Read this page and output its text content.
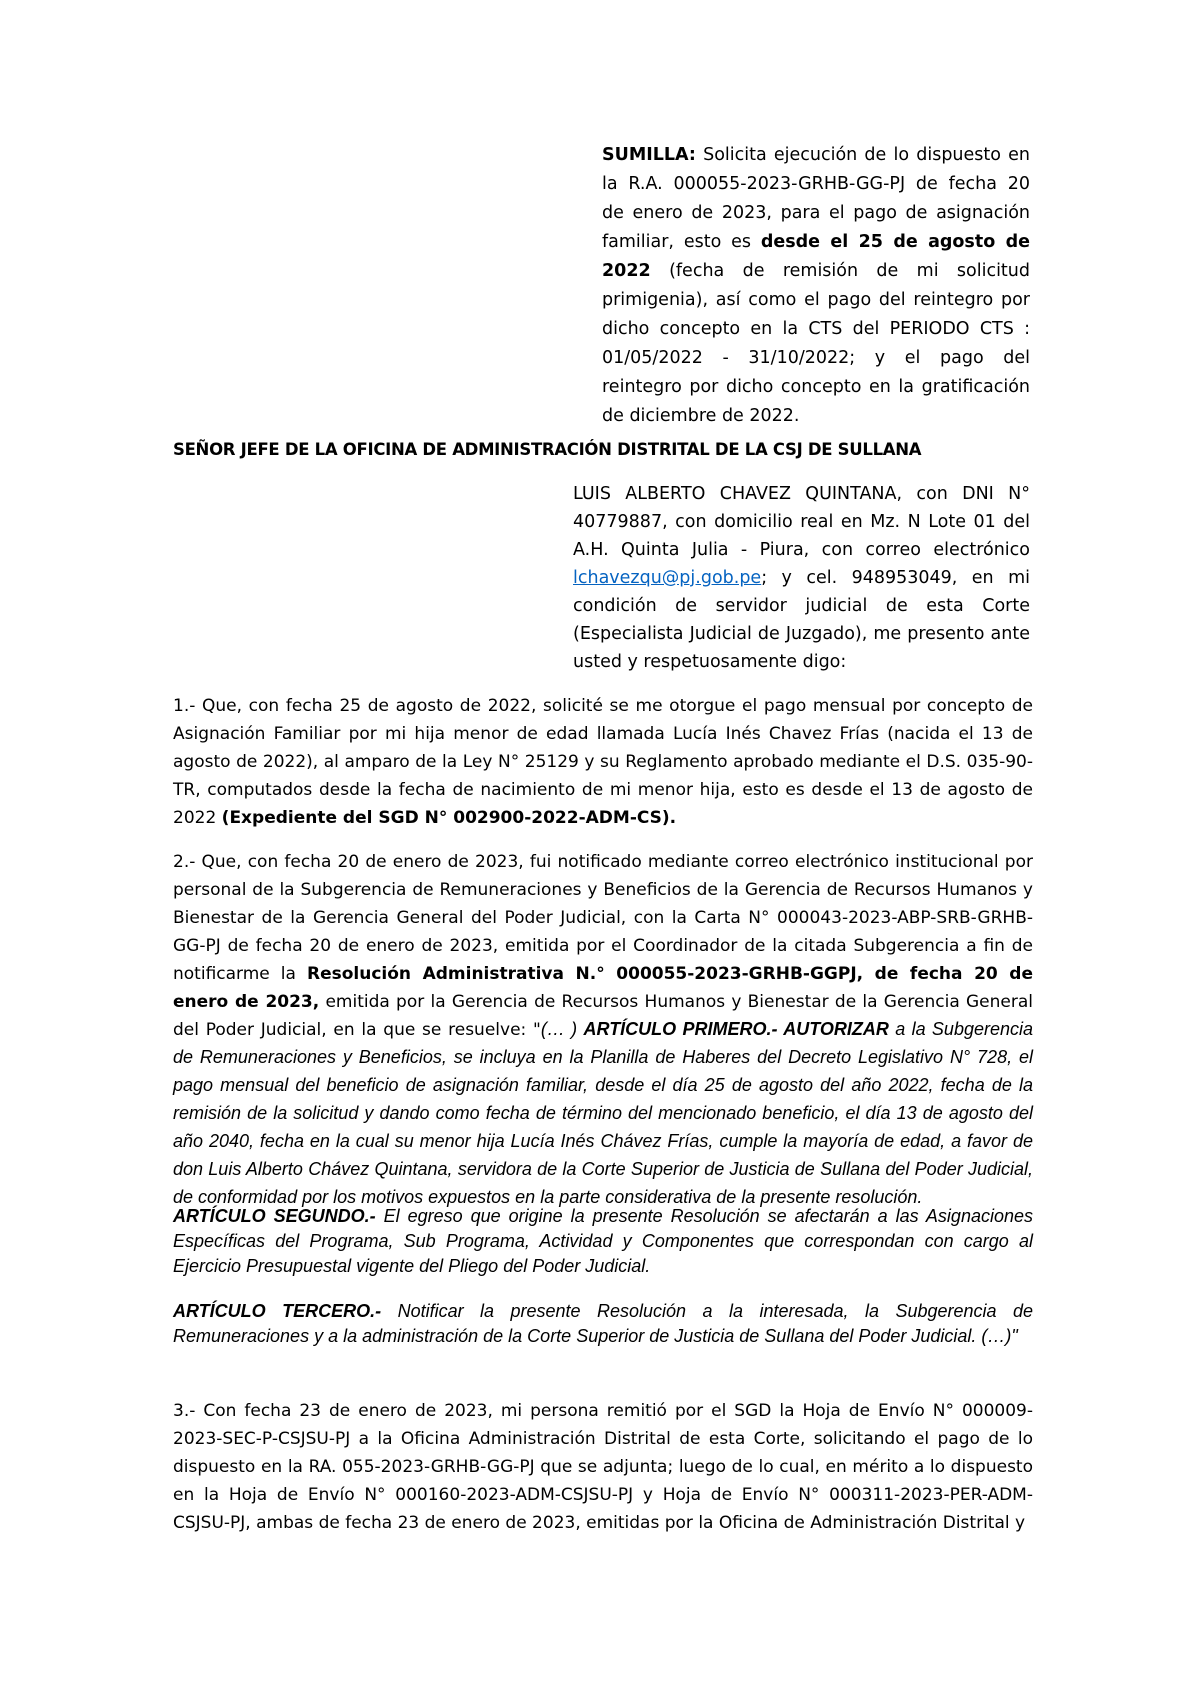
SUMILLA: Solicita ejecución de lo dispuesto en la R.A. 000055-2023-GRHB-GG-PJ de fecha 20 de enero de 2023, para el pago de asignación familiar, esto es desde el 25 de agosto de 2022 (fecha de remisión de mi solicitud primigenia), así como el pago del reintegro por dicho concepto en la CTS del PERIODO CTS : 01/05/2022 - 31/10/2022; y el pago del reintegro por dicho concepto en la gratificación de diciembre de 2022.
SEÑOR JEFE DE LA OFICINA DE ADMINISTRACIÓN DISTRITAL DE LA CSJ DE SULLANA
LUIS ALBERTO CHAVEZ QUINTANA, con DNI N° 40779887, con domicilio real en Mz. N Lote 01 del A.H. Quinta Julia - Piura, con correo electrónico lchavezqu@pj.gob.pe; y cel. 948953049, en mi condición de servidor judicial de esta Corte (Especialista Judicial de Juzgado), me presento ante usted y respetuosamente digo:
1.- Que, con fecha 25 de agosto de 2022, solicité se me otorgue el pago mensual por concepto de Asignación Familiar por mi hija menor de edad llamada Lucía Inés Chavez Frías (nacida el 13 de agosto de 2022), al amparo de la Ley N° 25129 y su Reglamento aprobado mediante el D.S. 035-90-TR, computados desde la fecha de nacimiento de mi menor hija, esto es desde el 13 de agosto de 2022 (Expediente del SGD N° 002900-2022-ADM-CS).
2.- Que, con fecha 20 de enero de 2023, fui notificado mediante correo electrónico institucional por personal de la Subgerencia de Remuneraciones y Beneficios de la Gerencia de Recursos Humanos y Bienestar de la Gerencia General del Poder Judicial, con la Carta N° 000043-2023-ABP-SRB-GRHB-GG-PJ de fecha 20 de enero de 2023, emitida por el Coordinador de la citada Subgerencia a fin de notificarme la Resolución Administrativa N.° 000055-2023-GRHB-GGPJ, de fecha 20 de enero de 2023, emitida por la Gerencia de Recursos Humanos y Bienestar de la Gerencia General del Poder Judicial, en la que se resuelve: "(… ) ARTÍCULO PRIMERO.- AUTORIZAR a la Subgerencia de Remuneraciones y Beneficios, se incluya en la Planilla de Haberes del Decreto Legislativo N° 728, el pago mensual del beneficio de asignación familiar, desde el día 25 de agosto del año 2022, fecha de la remisión de la solicitud y dando como fecha de término del mencionado beneficio, el día 13 de agosto del año 2040, fecha en la cual su menor hija Lucía Inés Chávez Frías, cumple la mayoría de edad, a favor de don Luis Alberto Chávez Quintana, servidora de la Corte Superior de Justicia de Sullana del Poder Judicial, de conformidad por los motivos expuestos en la parte considerativa de la presente resolución.
ARTÍCULO SEGUNDO.- El egreso que origine la presente Resolución se afectarán a las Asignaciones Específicas del Programa, Sub Programa, Actividad y Componentes que correspondan con cargo al Ejercicio Presupuestal vigente del Pliego del Poder Judicial.
ARTÍCULO TERCERO.- Notificar la presente Resolución a la interesada, la Subgerencia de Remuneraciones y a la administración de la Corte Superior de Justicia de Sullana del Poder Judicial. (…)"
3.- Con fecha 23 de enero de 2023, mi persona remitió por el SGD la Hoja de Envío N° 000009-2023-SEC-P-CSJSU-PJ a la Oficina Administración Distrital de esta Corte, solicitando el pago de lo dispuesto en la RA. 055-2023-GRHB-GG-PJ que se adjunta; luego de lo cual, en mérito a lo dispuesto en la Hoja de Envío N° 000160-2023-ADM-CSJSU-PJ y Hoja de Envío N° 000311-2023-PER-ADM-CSJSU-PJ, ambas de fecha 23 de enero de 2023, emitidas por la Oficina de Administración Distrital y
